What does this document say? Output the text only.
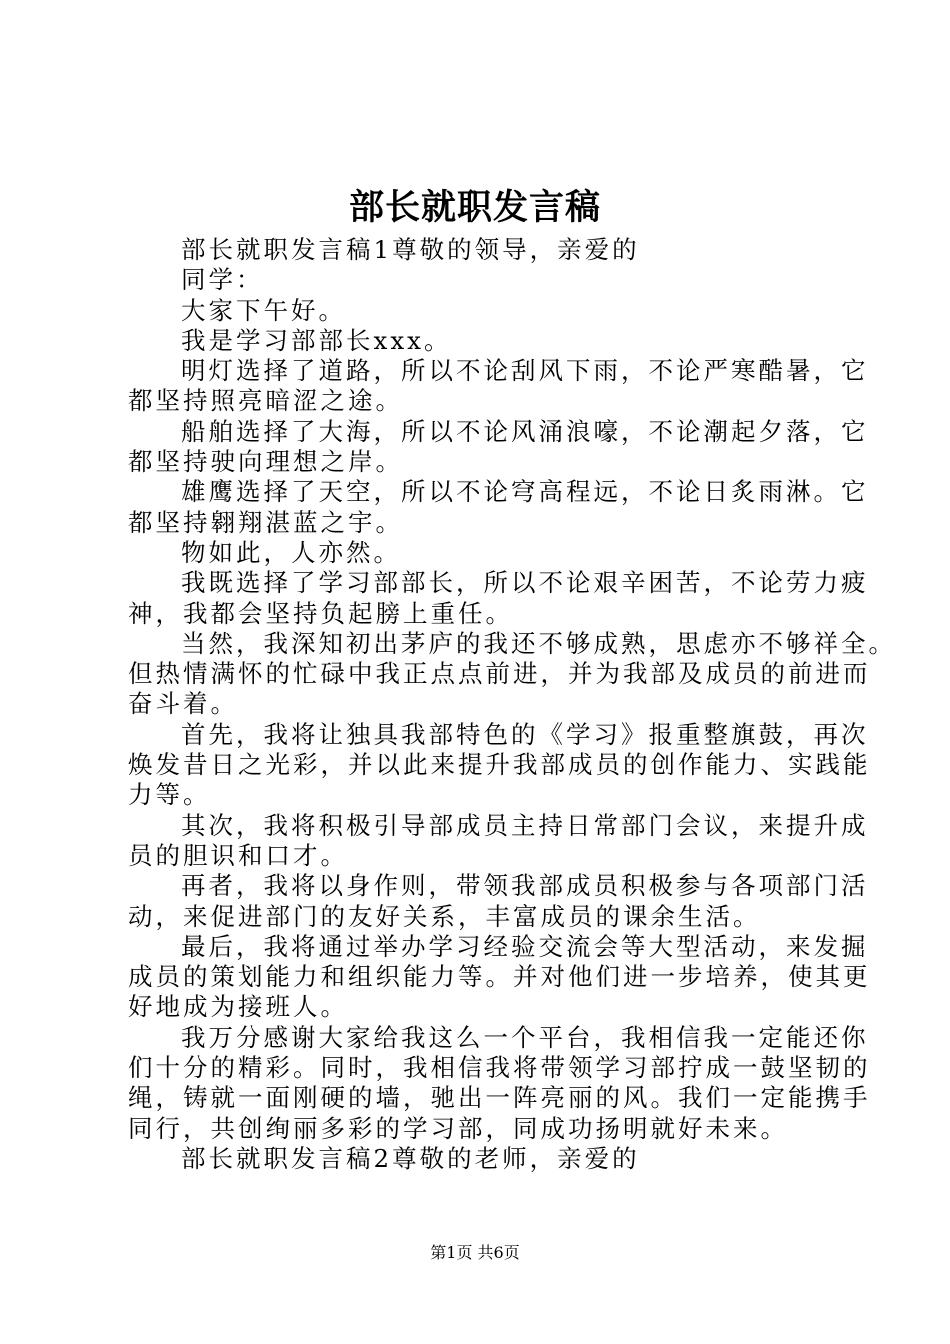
部长就职发言稿
部长就职发言稿1尊敬的领导，亲爱的
同学：
大家下午好。
我是学习部部长xxx。
明灯选择了道路，所以不论刮风下雨，不论严寒酷暑，它
都坚持照亮暗涩之途。
船舶选择了大海，所以不论风涌浪嚎，不论潮起夕落，它
都坚持驶向理想之岸。
雄鹰选择了天空，所以不论穹高程远，不论日炙雨淋。它
都坚持翱翔湛蓝之宇。
物如此，人亦然。
我既选择了学习部部长，所以不论艰辛困苦，不论劳力疲
神，我都会坚持负起膀上重任。
当然，我深知初出茅庐的我还不够成熟，思虑亦不够祥全。
但热情满怀的忙碌中我正点点前进，并为我部及成员的前进而
奋斗着。
首先，我将让独具我部特色的《学习》报重整旗鼓，再次
焕发昔日之光彩，并以此来提升我部成员的创作能力、实践能
力等。
其次，我将积极引导部成员主持日常部门会议，来提升成
员的胆识和口才。
再者，我将以身作则，带领我部成员积极参与各项部门活
动，来促进部门的友好关系，丰富成员的课余生活。
最后，我将通过举办学习经验交流会等大型活动，来发掘
成员的策划能力和组织能力等。并对他们进一步培养，使其更
好地成为接班人。
我万分感谢大家给我这么一个平台，我相信我一定能还你
们十分的精彩。同时，我相信我将带领学习部拧成一鼓坚韧的
绳，铸就一面刚硬的墙，驰出一阵亮丽的风。我们一定能携手
同行，共创绚丽多彩的学习部，同成功扬明就好未来。
部长就职发言稿2尊敬的老师，亲爱的
第1页 共6页
